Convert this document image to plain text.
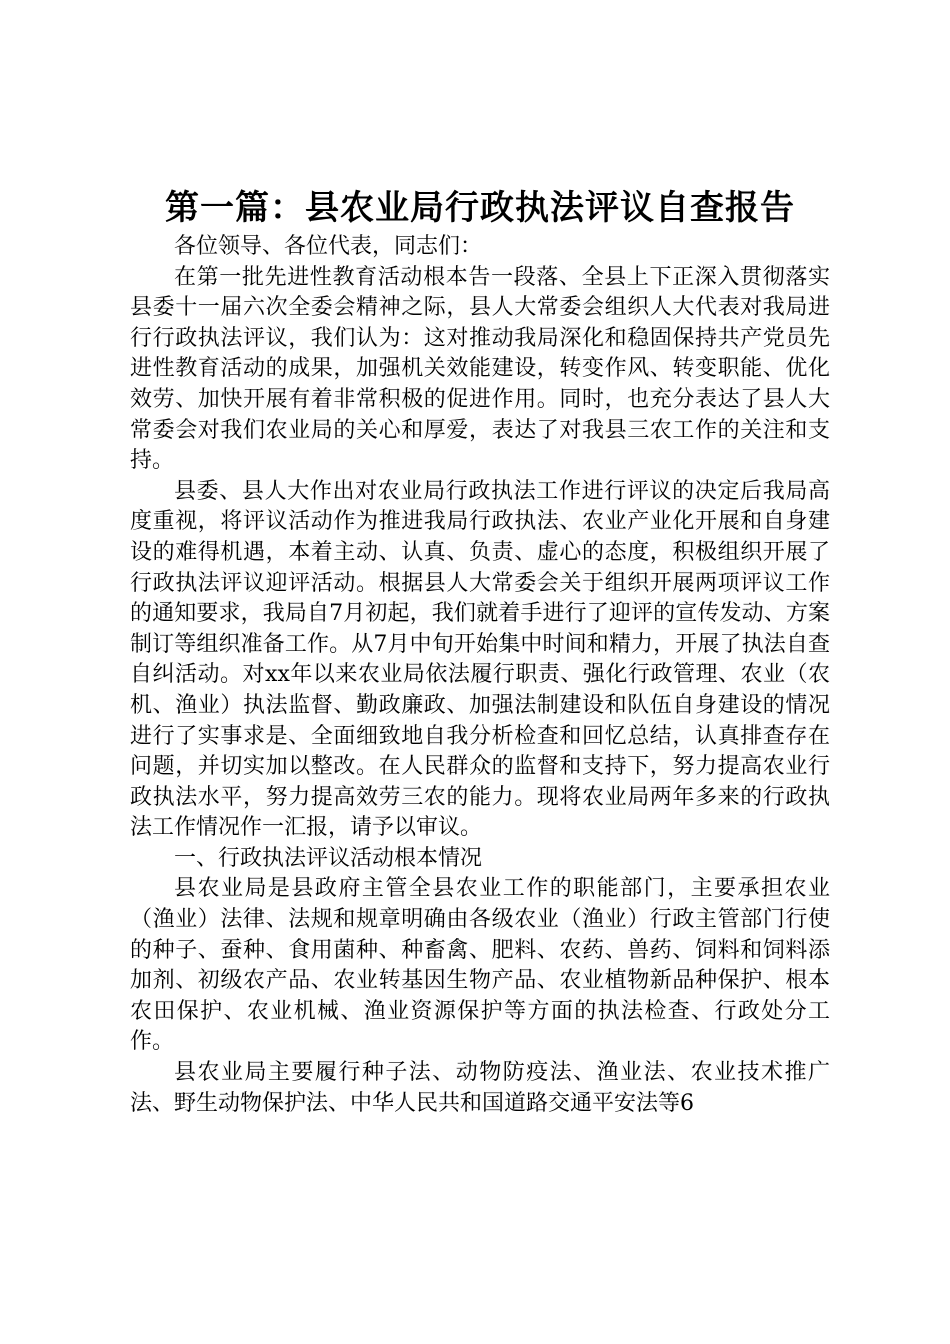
第一篇：县农业局行政执法评议自查报告

各位领导、各位代表，同志们：

在第一批先进性教育活动根本告一段落、全县上下正深入贯彻落实县委十一届六次全委会精神之际，县人大常委会组织人大代表对我局进行行政执法评议，我们认为：这对推动我局深化和稳固保持共产党员先进性教育活动的成果，加强机关效能建设，转变作风、转变职能、优化效劳、加快开展有着非常积极的促进作用。同时，也充分表达了县人大常委会对我们农业局的关心和厚爱，表达了对我县三农工作的关注和支持。

县委、县人大作出对农业局行政执法工作进行评议的决定后我局高度重视，将评议活动作为推进我局行政执法、农业产业化开展和自身建设的难得机遇，本着主动、认真、负责、虚心的态度，积极组织开展了行政执法评议迎评活动。根据县人大常委会关于组织开展两项评议工作的通知要求，我局自7月初起，我们就着手进行了迎评的宣传发动、方案制订等组织准备工作。从7月中旬开始集中时间和精力，开展了执法自查自纠活动。对xx年以来农业局依法履行职责、强化行政管理、农业（农机、渔业）执法监督、勤政廉政、加强法制建设和队伍自身建设的情况进行了实事求是、全面细致地自我分析检查和回忆总结，认真排查存在问题，并切实加以整改。在人民群众的监督和支持下，努力提高农业行政执法水平，努力提高效劳三农的能力。现将农业局两年多来的行政执法工作情况作一汇报，请予以审议。

一、行政执法评议活动根本情况

县农业局是县政府主管全县农业工作的职能部门，主要承担农业（渔业）法律、法规和规章明确由各级农业（渔业）行政主管部门行使的种子、蚕种、食用菌种、种畜禽、肥料、农药、兽药、饲料和饲料添加剂、初级农产品、农业转基因生物产品、农业植物新品种保护、根本农田保护、农业机械、渔业资源保护等方面的执法检查、行政处分工作。

县农业局主要履行种子法、动物防疫法、渔业法、农业技术推广法、野生动物保护法、中华人民共和国道路交通平安法等6
